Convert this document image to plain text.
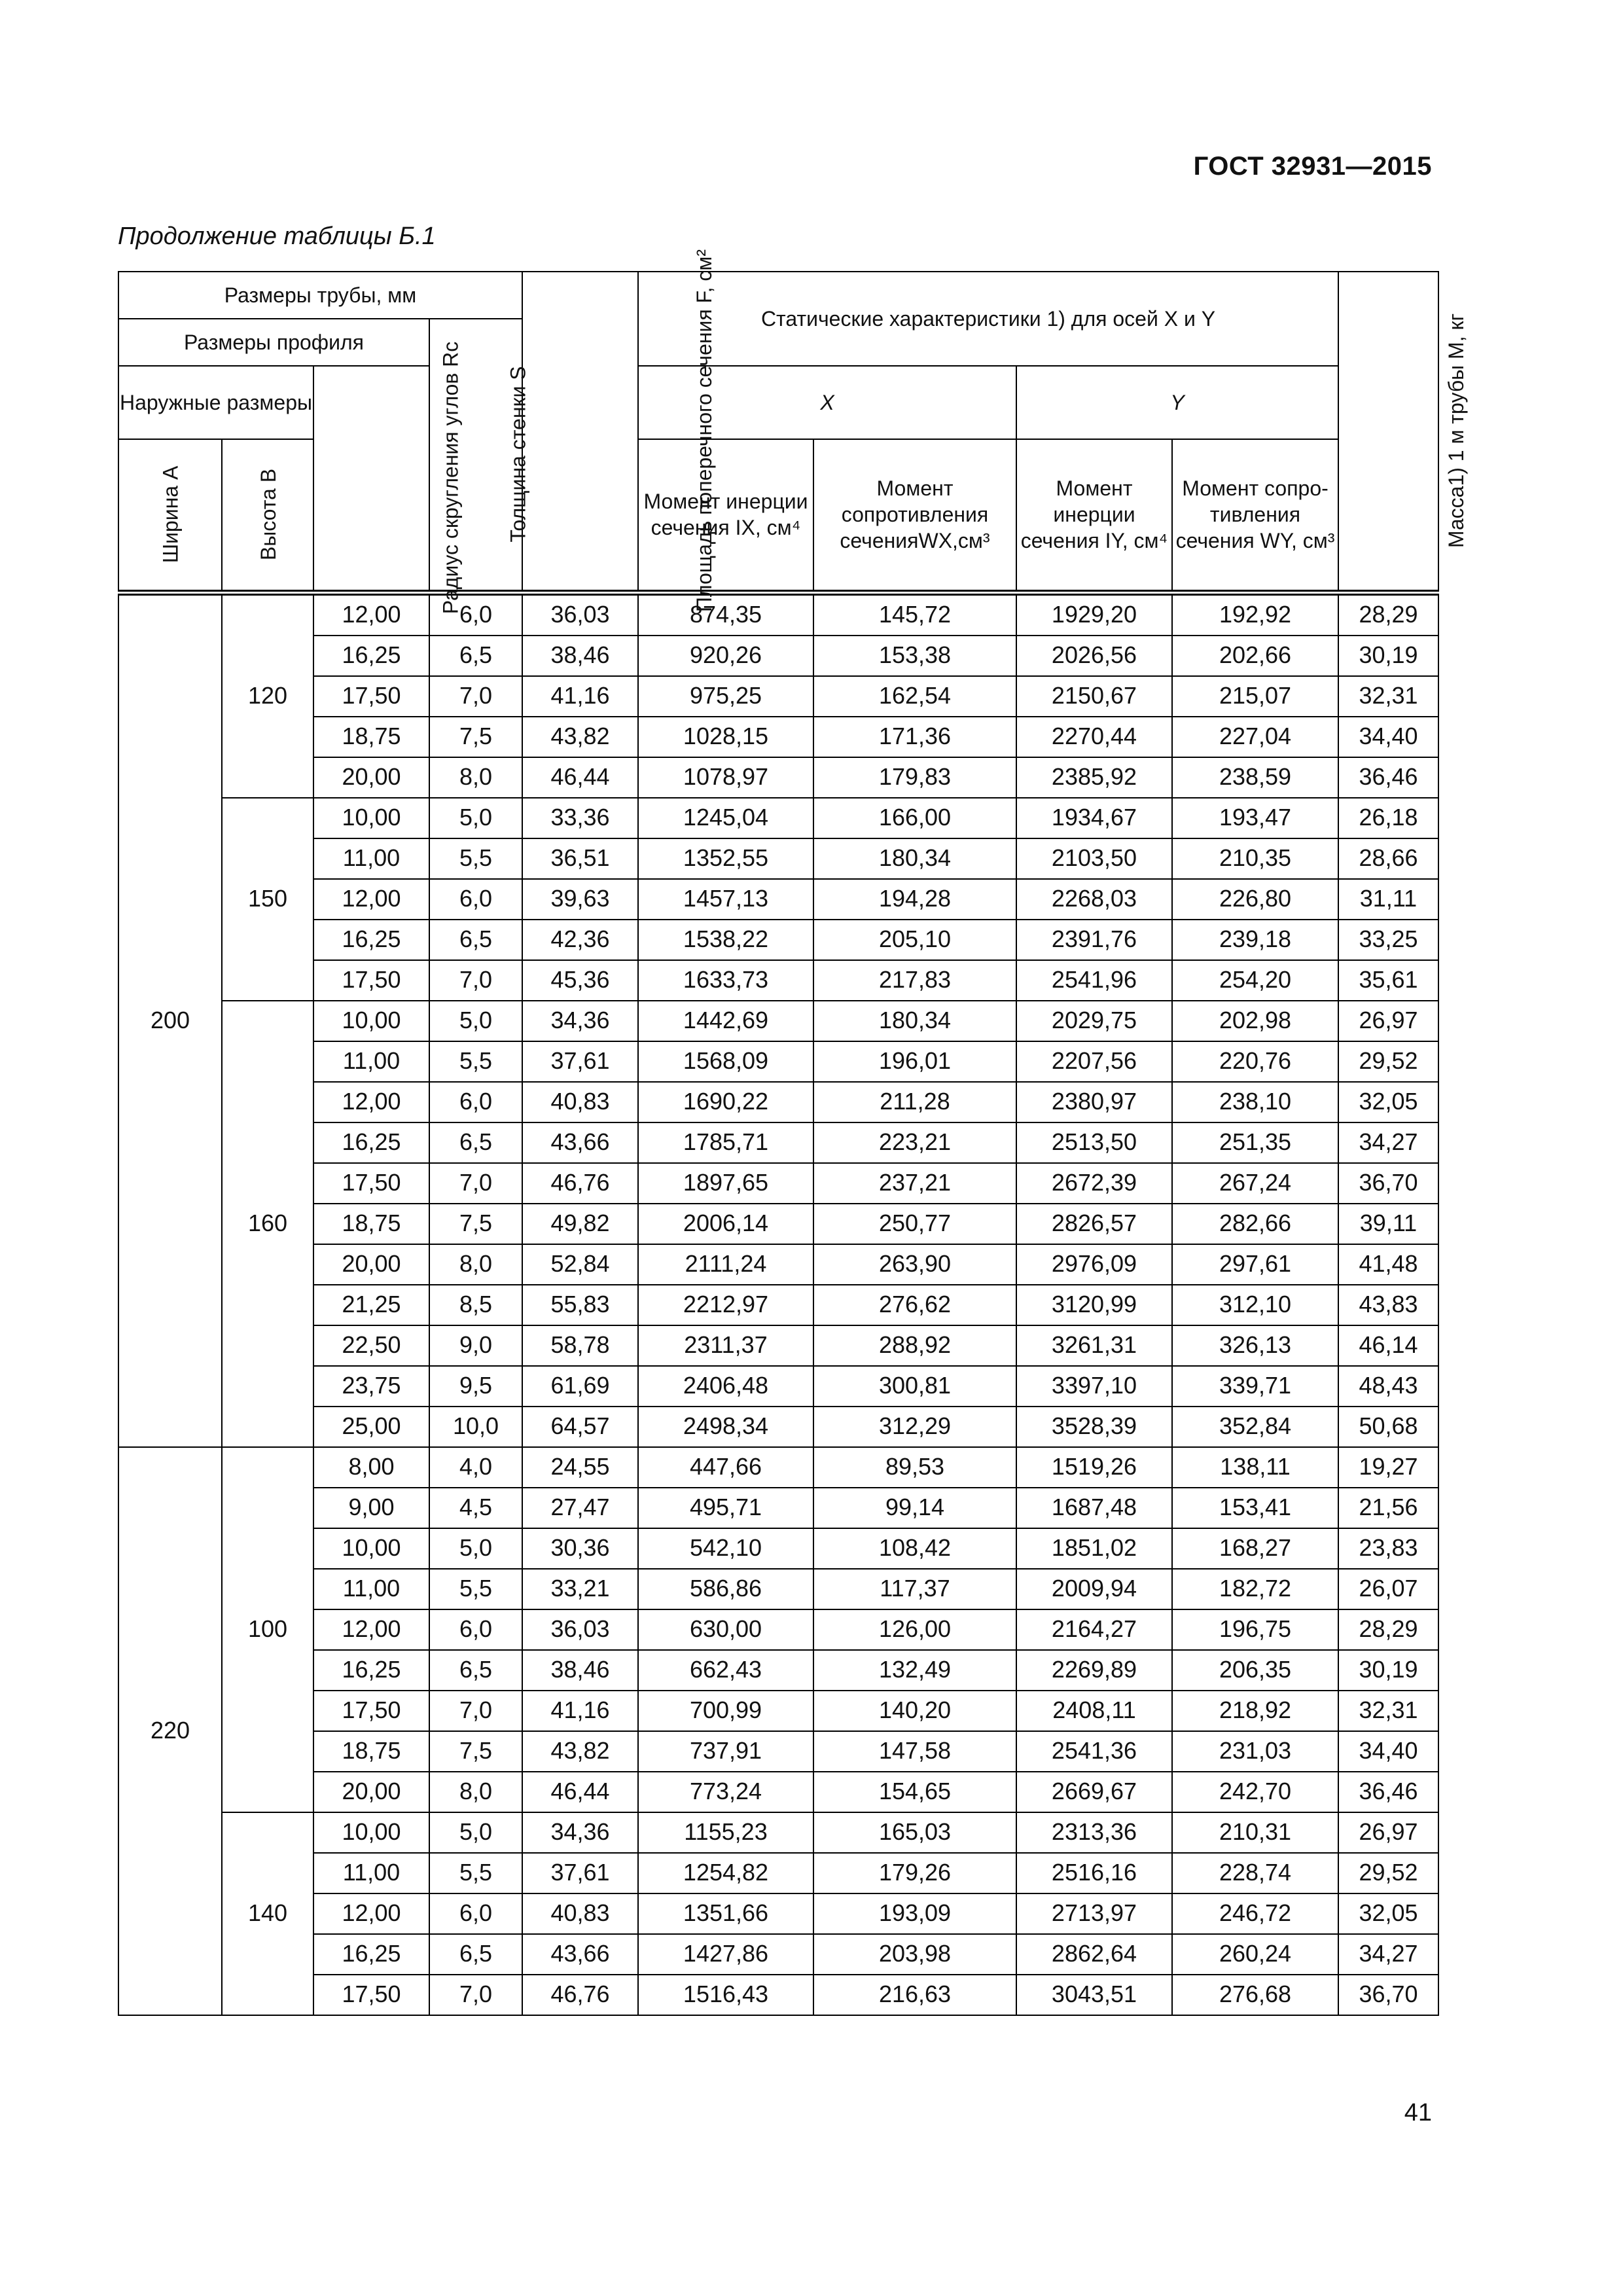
ГОСТ 32931—2015
Продолжение таблицы Б.1
Размеры трубы, мм				Площадь поперечного сечения F, см²	Статические характеристики 1) для осей X и Y				Масса1) 1 м трубы M, кг
Размеры профиля			Толщина стенки S						
Наружные размеры		Радиус скругления углов Rc			X		Y		
Ширина A	Высота B				Момент инерции сечения IX, см⁴	Момент сопротивления сеченияWX,см³	Момент инерции сечения IY, см⁴	Момент сопро-тивления сечения WY, см³	
200	120	12,00	6,0	36,03	874,35	145,72	1929,20	192,92	28,29
		16,25	6,5	38,46	920,26	153,38	2026,56	202,66	30,19
		17,50	7,0	41,16	975,25	162,54	2150,67	215,07	32,31
		18,75	7,5	43,82	1028,15	171,36	2270,44	227,04	34,40
		20,00	8,0	46,44	1078,97	179,83	2385,92	238,59	36,46
	150	10,00	5,0	33,36	1245,04	166,00	1934,67	193,47	26,18
		11,00	5,5	36,51	1352,55	180,34	2103,50	210,35	28,66
		12,00	6,0	39,63	1457,13	194,28	2268,03	226,80	31,11
		16,25	6,5	42,36	1538,22	205,10	2391,76	239,18	33,25
		17,50	7,0	45,36	1633,73	217,83	2541,96	254,20	35,61
	160	10,00	5,0	34,36	1442,69	180,34	2029,75	202,98	26,97
		11,00	5,5	37,61	1568,09	196,01	2207,56	220,76	29,52
		12,00	6,0	40,83	1690,22	211,28	2380,97	238,10	32,05
		16,25	6,5	43,66	1785,71	223,21	2513,50	251,35	34,27
		17,50	7,0	46,76	1897,65	237,21	2672,39	267,24	36,70
		18,75	7,5	49,82	2006,14	250,77	2826,57	282,66	39,11
		20,00	8,0	52,84	2111,24	263,90	2976,09	297,61	41,48
		21,25	8,5	55,83	2212,97	276,62	3120,99	312,10	43,83
		22,50	9,0	58,78	2311,37	288,92	3261,31	326,13	46,14
		23,75	9,5	61,69	2406,48	300,81	3397,10	339,71	48,43
		25,00	10,0	64,57	2498,34	312,29	3528,39	352,84	50,68
220	100	8,00	4,0	24,55	447,66	89,53	1519,26	138,11	19,27
		9,00	4,5	27,47	495,71	99,14	1687,48	153,41	21,56
		10,00	5,0	30,36	542,10	108,42	1851,02	168,27	23,83
		11,00	5,5	33,21	586,86	117,37	2009,94	182,72	26,07
		12,00	6,0	36,03	630,00	126,00	2164,27	196,75	28,29
		16,25	6,5	38,46	662,43	132,49	2269,89	206,35	30,19
		17,50	7,0	41,16	700,99	140,20	2408,11	218,92	32,31
		18,75	7,5	43,82	737,91	147,58	2541,36	231,03	34,40
		20,00	8,0	46,44	773,24	154,65	2669,67	242,70	36,46
	140	10,00	5,0	34,36	1155,23	165,03	2313,36	210,31	26,97
		11,00	5,5	37,61	1254,82	179,26	2516,16	228,74	29,52
		12,00	6,0	40,83	1351,66	193,09	2713,97	246,72	32,05
		16,25	6,5	43,66	1427,86	203,98	2862,64	260,24	34,27
		17,50	7,0	46,76	1516,43	216,63	3043,51	276,68	36,70
41
